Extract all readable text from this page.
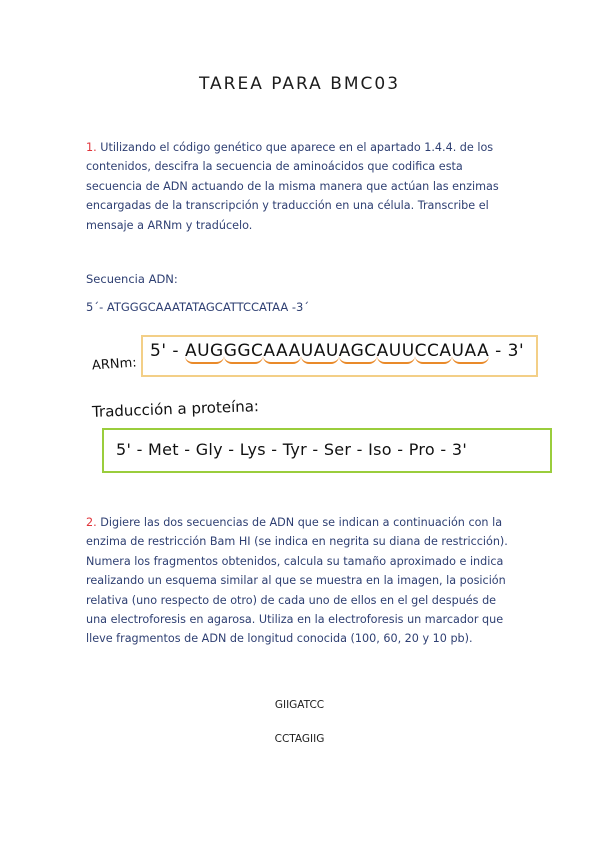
TAREA PARA BMC03
1. Utilizando el código genético que aparece en el apartado 1.4.4. de los contenidos, descifra la secuencia de aminoácidos que codifica esta secuencia de ADN actuando de la misma manera que actúan las enzimas encargadas de la transcripción y traducción en una célula. Transcribe el mensaje a ARNm y tradúcelo.
Secuencia ADN:
5´- ATGGGCAAATATAGCATTCCATAA -3´
ARNm:
5' - AUGGGCAAAUAUAGCAUUCCAUAA - 3'
Traducción a proteína:
5' - Met - Gly - Lys - Tyr - Ser - Iso - Pro - 3'
2. Digiere las dos secuencias de ADN que se indican a continuación con la enzima de restricción Bam HI (se indica en negrita su diana de restricción). Numera los fragmentos obtenidos, calcula su tamaño aproximado e indica realizando un esquema similar al que se muestra en la imagen, la posición relativa (uno respecto de otro) de cada uno de ellos en el gel después de una electroforesis en agarosa. Utiliza en la electroforesis un marcador que lleve fragmentos de ADN de longitud conocida (100, 60, 20 y 10 pb).
GIIGATCC
CCTAGIIG
